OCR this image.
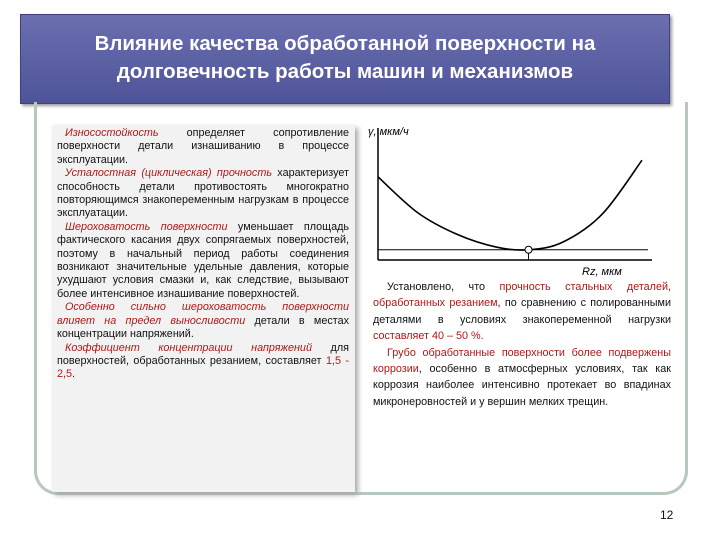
Влияние качества обработанной поверхности на
долговечность работы машин и механизмов

Износостойкость определяет сопротивление поверхности детали изнашиванию в процессе эксплуатации.

Усталостная (циклическая) прочность характеризует способность детали противостоять многократно повторяющимся знакопеременным нагрузкам в процессе эксплуатации.

Шероховатость поверхности уменьшает площадь фактического касания двух сопрягаемых поверхностей, поэтому в начальный период работы соединения возникают значительные удельные давления, которые ухудшают условия смазки и, как следствие, вызывают более интенсивное изнашивание поверхностей.

Особенно сильно шероховатость поверхности влияет на предел выносливости детали в местах концентрации напряжений.

Коэффициент концентрации напряжений для поверхностей, обработанных резанием, составляет 1,5 - 2,5.

γ, мкм/ч
Rz, мкм

Установлено, что прочность стальных деталей, обработанных резанием, по сравнению с полированными деталями в условиях знакопеременной нагрузки составляет 40 – 50 %.

Грубо обработанные поверхности более подвержены коррозии, особенно в атмосферных условиях, так как коррозия наиболее интенсивно протекает во впадинах микронеровностей и у вершин мелких трещин.

12
